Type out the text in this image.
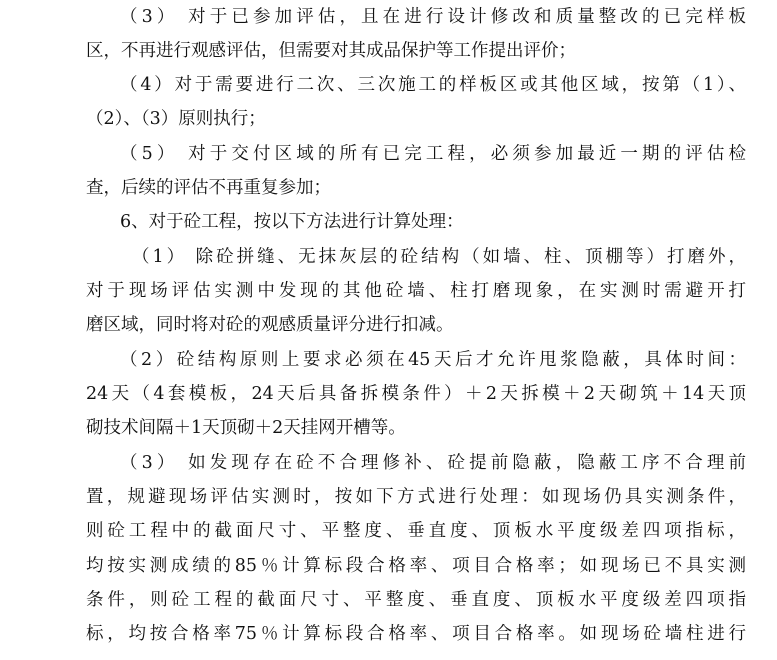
（3） 对于已参加评估，且在进行设计修改和质量整改的已完样板
区，不再进行观感评估，但需要对其成品保护等工作提出评价；
（4）对于需要进行二次、三次施工的样板区或其他区域，按第（1）、
（2）、（3）原则执行；
（5） 对于交付区域的所有已完工程，必须参加最近一期的评估检
查，后续的评估不再重复参加；
6、对于砼工程，按以下方法进行计算处理：
（1） 除砼拼缝、无抹灰层的砼结构（如墙、柱、顶棚等）打磨外，
对于现场评估实测中发现的其他砼墙、柱打磨现象，在实测时需避开打
磨区域，同时将对砼的观感质量评分进行扣减。
（2）砼结构原则上要求必须在45天后才允许甩浆隐蔽，具体时间：
24天（4套模板，24天后具备拆模条件）＋2天拆模＋2天砌筑＋14天顶
砌技术间隔＋1天顶砌＋2天挂网开槽等。
（3） 如发现存在砼不合理修补、砼提前隐蔽，隐蔽工序不合理前
置，规避现场评估实测时，按如下方式进行处理：如现场仍具实测条件，
则砼工程中的截面尺寸、平整度、垂直度、顶板水平度级差四项指标，
均按实测成绩的85％计算标段合格率、项目合格率；如现场已不具实测
条件，则砼工程的截面尺寸、平整度、垂直度、顶板水平度级差四项指
标，均按合格率75％计算标段合格率、项目合格率。如现场砼墙柱进行
